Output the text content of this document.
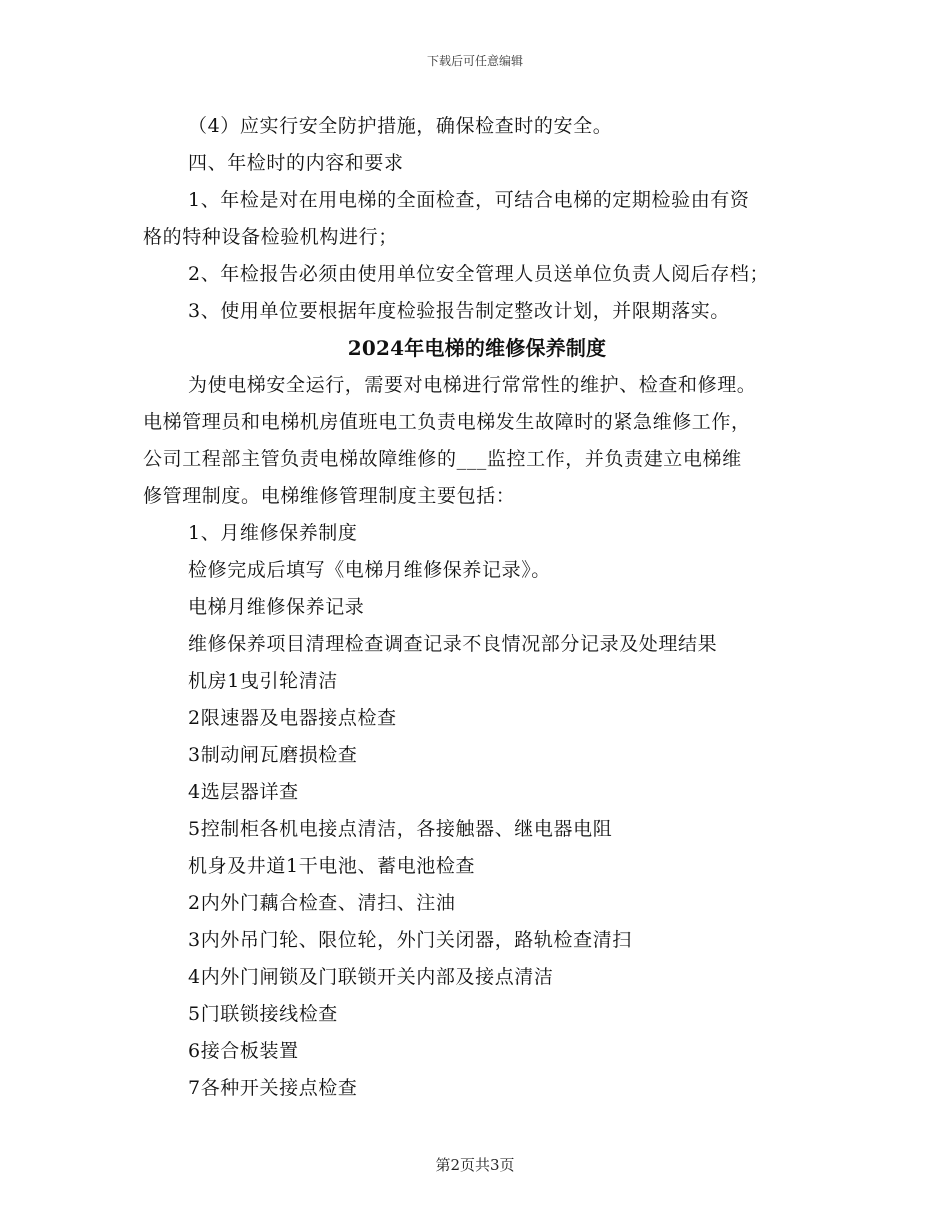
下载后可任意编辑
（4）应实行安全防护措施，确保检查时的安全。
四、年检时的内容和要求
1、年检是对在用电梯的全面检查，可结合电梯的定期检验由有资
格的特种设备检验机构进行；
2、年检报告必须由使用单位安全管理人员送单位负责人阅后存档；
3、使用单位要根据年度检验报告制定整改计划，并限期落实。
2024年电梯的维修保养制度
为使电梯安全运行，需要对电梯进行常常性的维护、检查和修理。
电梯管理员和电梯机房值班电工负责电梯发生故障时的紧急维修工作，
公司工程部主管负责电梯故障维修的___监控工作，并负责建立电梯维
修管理制度。电梯维修管理制度主要包括：
1、月维修保养制度
检修完成后填写《电梯月维修保养记录》。
电梯月维修保养记录
维修保养项目清理检查调查记录不良情况部分记录及处理结果
机房1曳引轮清洁
2限速器及电器接点检查
3制动闸瓦磨损检查
4选层器详查
5控制柜各机电接点清洁，各接触器、继电器电阻
机身及井道1干电池、蓄电池检查
2内外门藕合检查、清扫、注油
3内外吊门轮、限位轮，外门关闭器，路轨检查清扫
4内外门闸锁及门联锁开关内部及接点清洁
5门联锁接线检查
6接合板装置
7各种开关接点检查
第2页共3页
